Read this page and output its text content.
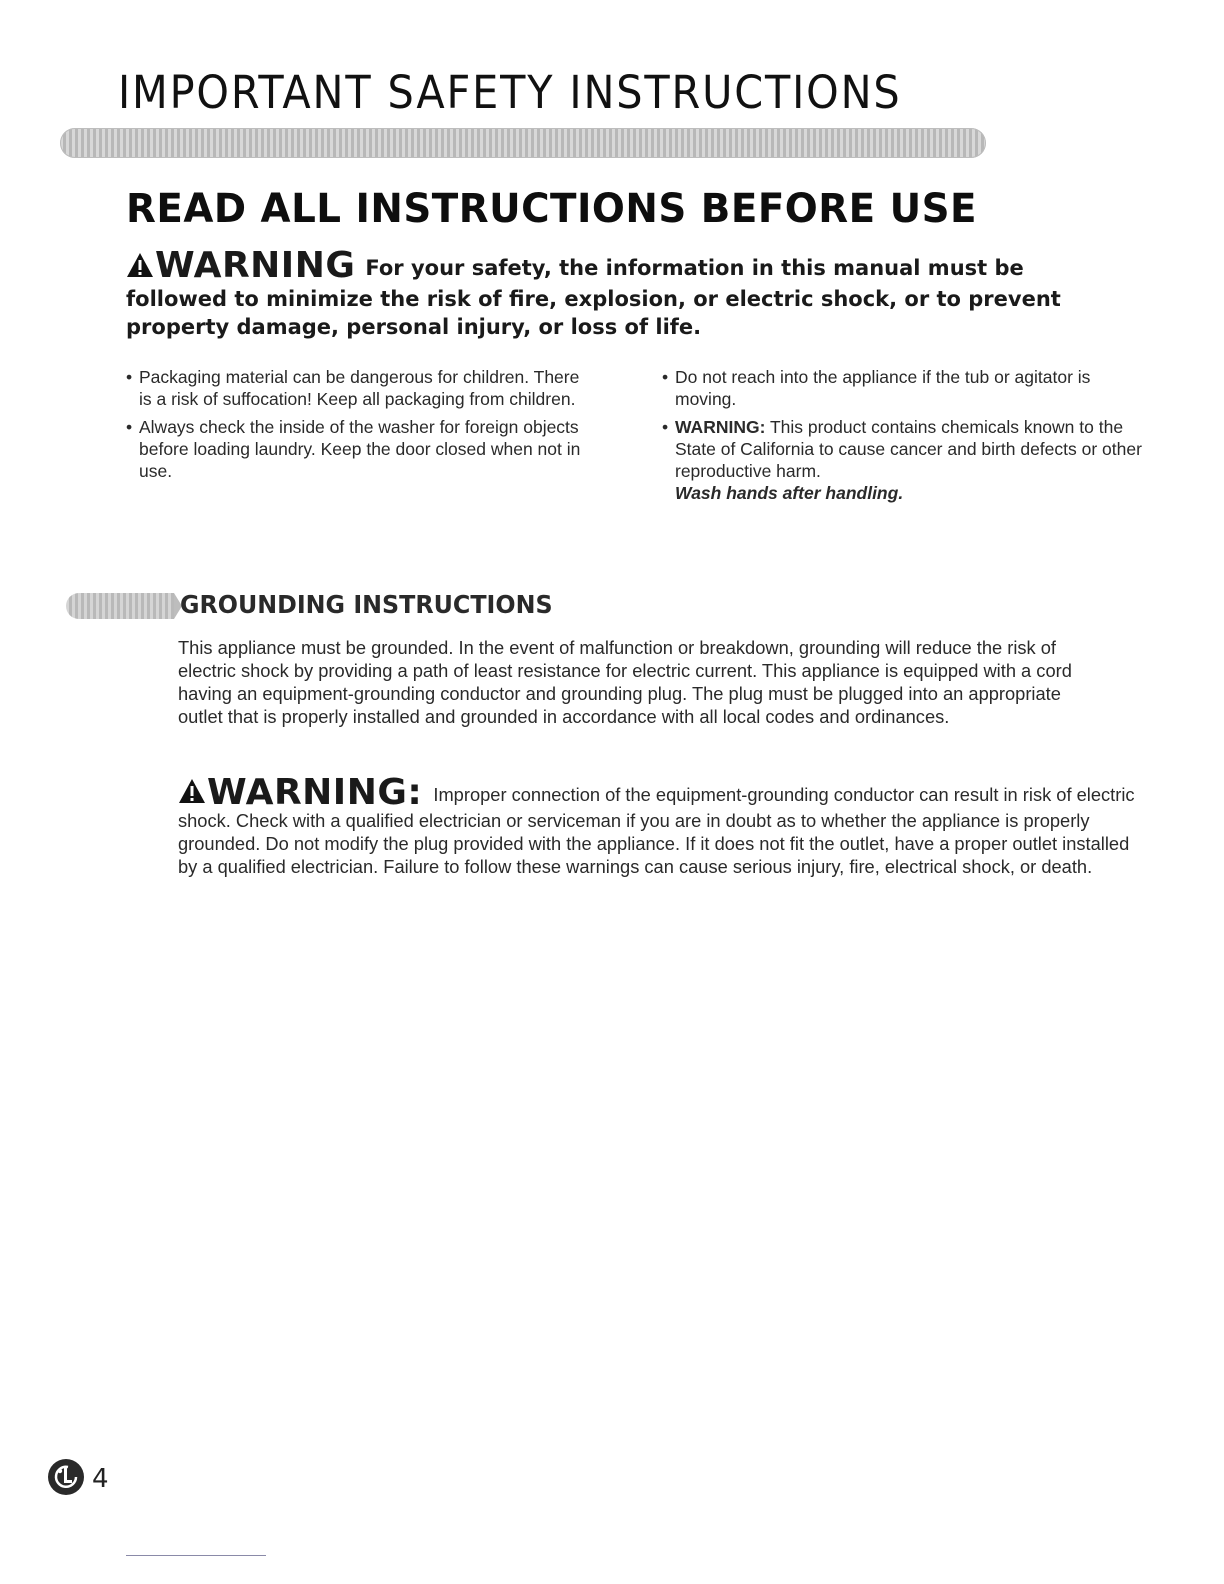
IMPORTANT SAFETY INSTRUCTIONS
READ ALL INSTRUCTIONS BEFORE USE
WARNING For your safety, the information in this manual must be followed to minimize the risk of fire, explosion, or electric shock, or to prevent property damage, personal injury, or loss of life.
• Packaging material can be dangerous for children. There is a risk of suffocation! Keep all packaging from children.
• Always check the inside of the washer for foreign objects before loading laundry. Keep the door closed when not in use.
• Do not reach into the appliance if the tub or agitator is moving.
• WARNING: This product contains chemicals known to the State of California to cause cancer and birth defects or other reproductive harm.
Wash hands after handling.
GROUNDING INSTRUCTIONS
This appliance must be grounded. In the event of malfunction or breakdown, grounding will reduce the risk of electric shock by providing a path of least resistance for electric current. This appliance is equipped with a cord having an equipment-grounding conductor and grounding plug. The plug must be plugged into an appropriate outlet that is properly installed and grounded in accordance with all local codes and ordinances.
WARNING: Improper connection of the equipment-grounding conductor can result in risk of electric shock. Check with a qualified electrician or serviceman if you are in doubt as to whether the appliance is properly grounded. Do not modify the plug provided with the appliance. If it does not fit the outlet, have a proper outlet installed by a qualified electrician. Failure to follow these warnings can cause serious injury, fire, electrical shock, or death.
4
